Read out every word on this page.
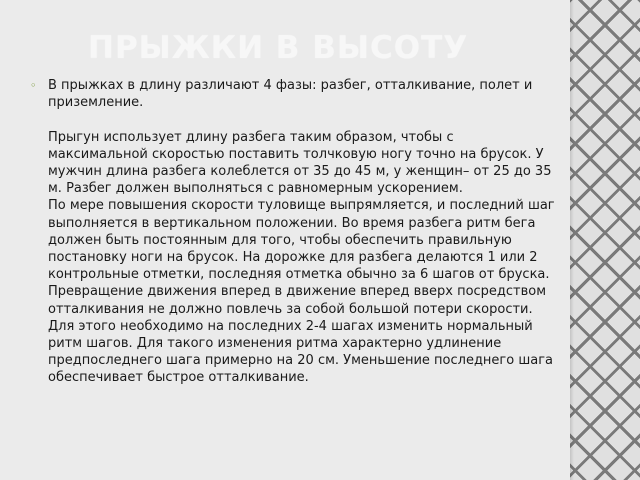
ПРЫЖКИ В ВЫСОТУ
◦ В прыжках в длину различают 4 фазы: разбег, отталкивание, полет и приземление.

Прыгун использует длину разбега таким образом, чтобы с максимальной скоростью поставить толчковую ногу точно на брусок. У мужчин длина разбега колеблется от 35 до 45 м, у женщин– от 25 до 35 м. Разбег должен выполняться с равномерным ускорением.

По мере повышения скорости туловище выпрямляется, и последний шаг выполняется в вертикальном положении. Во время разбега ритм бега должен быть постоянным для того, чтобы обеспечить правильную постановку ноги на брусок. На дорожке для разбега делаются 1 или 2 контрольные отметки, последняя отметка обычно за 6 шагов от бруска.

Превращение движения вперед в движение вперед вверх посредством отталкивания не должно повлечь за собой большой потери скорости. Для этого необходимо на последних 2-4 шагах изменить нормальный ритм шагов. Для такого изменения ритма характерно удлинение предпоследнего шага примерно на 20 см. Уменьшение последнего шага обеспечивает быстрое отталкивание.
